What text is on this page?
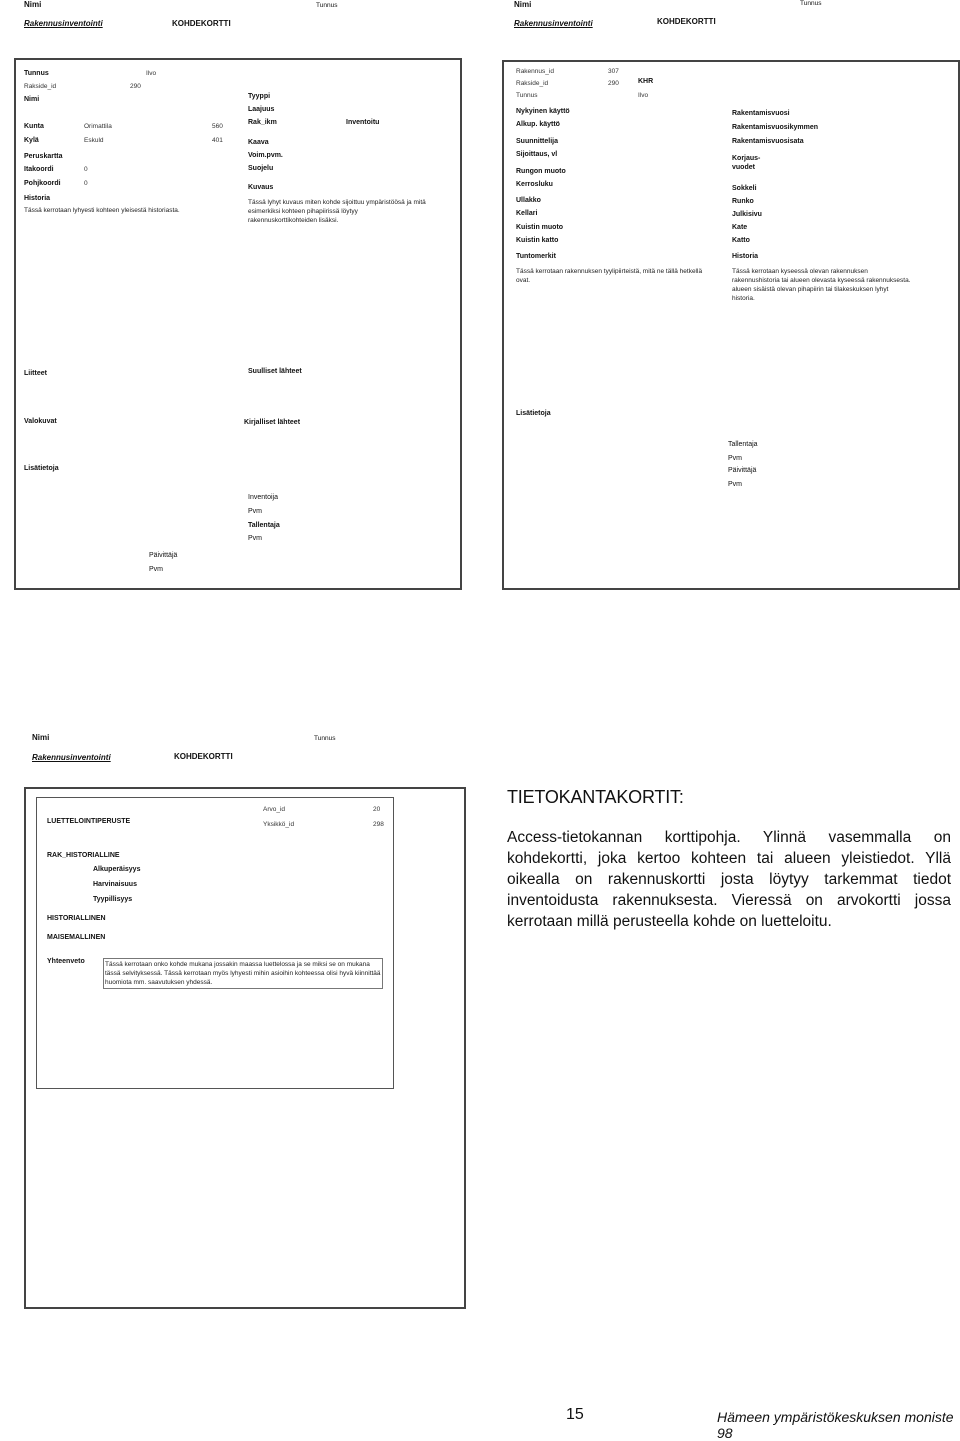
Nimi	Tunnus
Rakennusinventointi	KOHDEKORTTI
Tunnus	Ilvo
Rakside_id	290
Nimi
Kunta	Orimattila	560
Kylä	Eskuld	401
Peruskartta
Itakoordi	0
Pohjkoordi	0
Historia
Tässä kerrotaan lyhyesti kohteen yleisestä historiasta.
Tyyppi
Laajuus
Rak_ikm	Inventoitu
Kaava
Voim.pvm.
Suojelu
Kuvaus
Tässä lyhyt kuvaus miten kohde sijoittuu ympäristöösä ja mitä esimerkiksi kohteen pihapiirissä löytyy rakennuskorttikohteiden lisäksi.
Liitteet	Suulliset lähteet
Valokuvat	Kirjalliset lähteet
Lisätietoja
Inventoija
Pvm
Tallentaja
Pvm
Päivittäjä
Pvm
Nimi	Tunnus
Rakennusinventointi	KOHDEKORTTI
Rakennus_id	307
Rakside_id	290	KHR
Tunnus	Ilvo
Nykyinen käyttö
Alkup. käyttö
Suunnittelija
Sijoittaus, vl
Rungon muoto
Kerrosluku
Ullakko
Kellari
Kuistin muoto
Kuistin katto
Tuntomerkit
Tässä kerrotaan rakennuksen tyylipiirteistä, mitä ne tällä hetkellä ovat.
Rakentamisvuosi
Rakentamisvuosikymmen
Rakentamisvuosisata
Korjaus-
vuodet
Sokkeli
Runko
Julkisivu
Kate
Katto
Historia
Tässä kerrotaan kyseessä olevan rakennuksen rakennushistoria tai alueen olevasta kyseessä rakennuksesta. alueen sisäistä olevan pihapiirin tai tilakeskuksen lyhyt historia.
Lisätietoja
Tallentaja
Pvm
Päivittäjä
Pvm
Nimi	Tunnus
Rakennusinventointi	KOHDEKORTTI
LUETTELOINTIPERUSTE
Arvo_id	20
Yksikkö_id	298
RAK_HISTORIALLINE
Alkuperäisyys
Harvinaisuus
Tyypillisyys
HISTORIALLINEN
MAISEMALLINEN
Yhteenveto	Tässä kerrotaan onko kohde mukana jossakin maassa luettelossa ja se miksi se on mukana tässä selvityksessä. Tässä kerrotaan myös lyhyesti mihin asioihin kohteessa olisi hyvä kiinnittää huomiota mm. saavutuksen yhdessä.
TIETOKANTAKORTIT:
Access-tietokannan korttipohja. Ylinnä vasemmalla on kohdekortti, joka kertoo kohteen tai alueen yleistiedot. Yllä oikealla on rakennuskortti josta löytyy tarkemmat tiedot inventoidusta rakennuksesta. Vieressä on arvokortti jossa kerrotaan millä perusteella kohde on luetteloitu.
15	Hämeen ympäristökeskuksen moniste 98
